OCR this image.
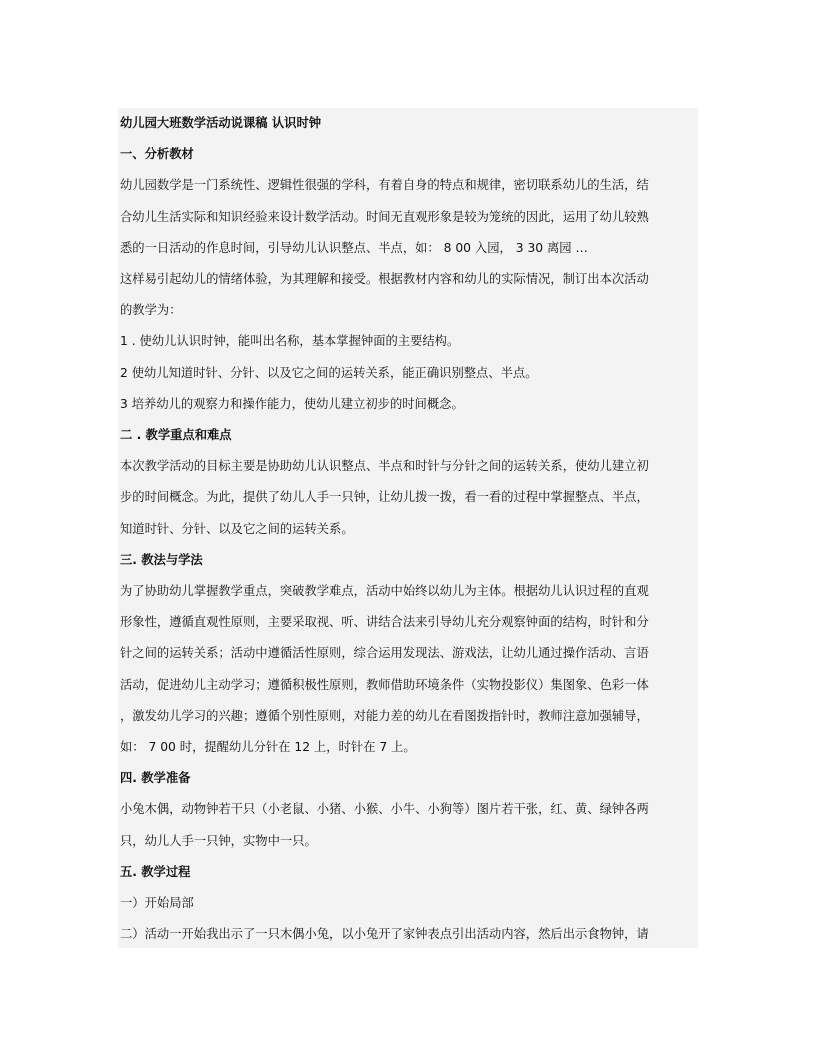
幼儿园大班数学活动说课稿 认识时钟

一、分析教材

幼儿园数学是一门系统性、逻辑性很强的学科，有着自身的特点和规律，密切联系幼儿的生活，结

合幼儿生活实际和知识经验来设计数学活动。时间无直观形象是较为笼统的因此，运用了幼儿较熟

悉的一日活动的作息时间，引导幼儿认识整点、半点，如： 8 00 入园， 3 30 离园 …

这样易引起幼儿的情绪体验，为其理解和接受。根据教材内容和幼儿的实际情况，制订出本次活动

的教学为：

1 . 使幼儿认识时钟，能叫出名称，基本掌握钟面的主要结构。

2 使幼儿知道时针、分针、以及它之间的运转关系，能正确识别整点、半点。

3 培养幼儿的观察力和操作能力，使幼儿建立初步的时间概念。

二 . 教学重点和难点

本次教学活动的目标主要是协助幼儿认识整点、半点和时针与分针之间的运转关系，使幼儿建立初

步的时间概念。为此，提供了幼儿人手一只钟，让幼儿拨一拨，看一看的过程中掌握整点、半点，

知道时针、分针、以及它之间的运转关系。

三. 教法与学法

为了协助幼儿掌握教学重点，突破教学难点，活动中始终以幼儿为主体。根据幼儿认识过程的直观

形象性，遵循直观性原则，主要采取视、听、讲结合法来引导幼儿充分观察钟面的结构，时针和分

针之间的运转关系；活动中遵循活性原则，综合运用发现法、游戏法，让幼儿通过操作活动、言语

活动，促进幼儿主动学习；遵循积极性原则，教师借助环境条件（实物投影仪）集图象、色彩一体

，激发幼儿学习的兴趣；遵循个别性原则，对能力差的幼儿在看图拨指针时，教师注意加强辅导，

如： 7 00 时，提醒幼儿分针在 12 上，时针在 7 上。

四. 教学准备

小兔木偶，动物钟若干只（小老鼠、小猪、小猴、小牛、小狗等）图片若干张，红、黄、绿钟各两

只，幼儿人手一只钟，实物中一只。

五. 教学过程

一）开始局部

二）活动一开始我出示了一只木偶小兔，以小兔开了家钟表点引出活动内容，然后出示食物钟，请
